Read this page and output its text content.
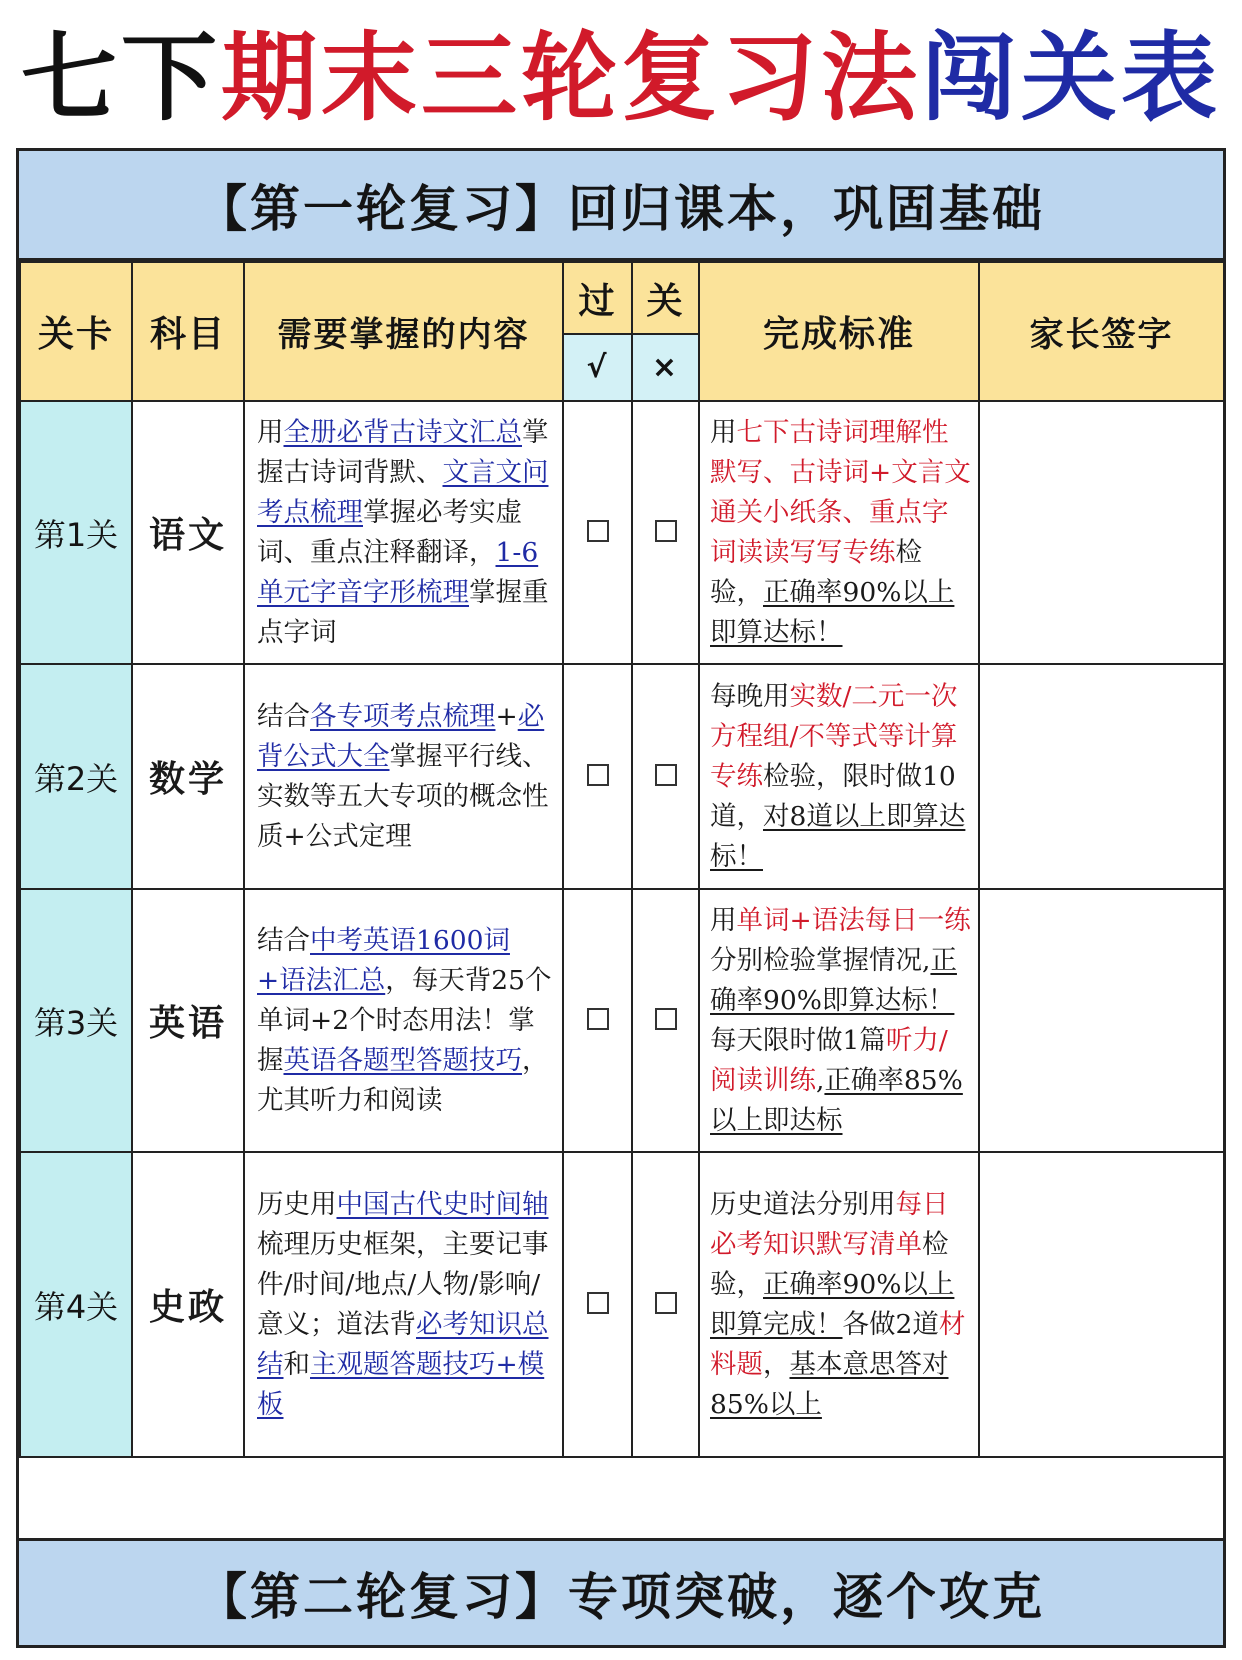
七下期末三轮复习法闯关表
【第一轮复习】回归课本，巩固基础
关卡	科目	需要掌握的内容	过	关	完成标准	家长签字
			√	×		
第1关	语文	用全册必背古诗文汇总掌握古诗词背默、文言文问考点梳理掌握必考实虚词、重点注释翻译，1-6单元字音字形梳理掌握重点字词			用七下古诗词理解性默写、古诗词+文言文通关小纸条、重点字词读读写写专练检验，正确率90%以上即算达标！	
第2关	数学	结合各专项考点梳理+必背公式大全掌握平行线、实数等五大专项的概念性质+公式定理			每晚用实数/二元一次方程组/不等式等计算专练检验，限时做10道，对8道以上即算达标！	
第3关	英语	结合中考英语1600词+语法汇总，每天背25个单词+2个时态用法！掌握英语各题型答题技巧，尤其听力和阅读			用单词+语法每日一练分别检验掌握情况,正确率90%即算达标！每天限时做1篇听力/阅读训练,正确率85%以上即达标	
第4关	史政	历史用中国古代史时间轴梳理历史框架，主要记事件/时间/地点/人物/影响/意义；道法背必考知识总结和主观题答题技巧+模板			历史道法分别用每日必考知识默写清单检验，正确率90%以上即算完成！各做2道材料题，基本意思答对85%以上	
【第二轮复习】专项突破，逐个攻克
